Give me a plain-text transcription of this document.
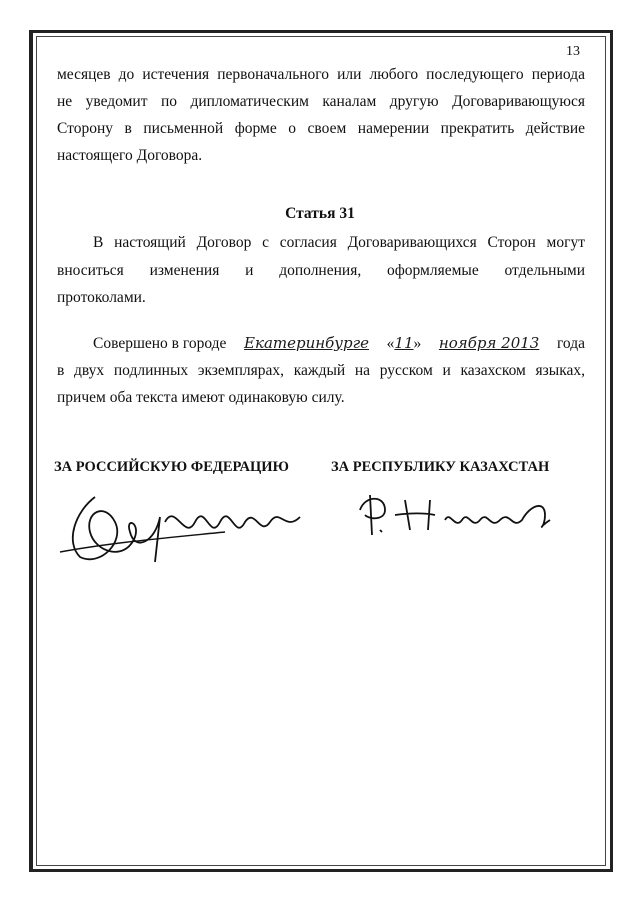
13
месяцев до истечения первоначального или любого последующего периода
не уведомит по дипломатическим каналам другую Договаривающуюся
Сторону в письменной форме о своем намерении прекратить действие
настоящего Договора.
Статья 31
В настоящий Договор с согласия Договаривающихся Сторон могут
вноситься изменения и дополнения, оформляемые отдельными
протоколами.
Совершено в городе Екатеринбурге «11» ноября 2013 года
в двух подлинных экземплярах, каждый на русском и казахском языках,
причем оба текста имеют одинаковую силу.
ЗА РОССИЙСКУЮ ФЕДЕРАЦИЮ	ЗА РЕСПУБЛИКУ КАЗАХСТАН
